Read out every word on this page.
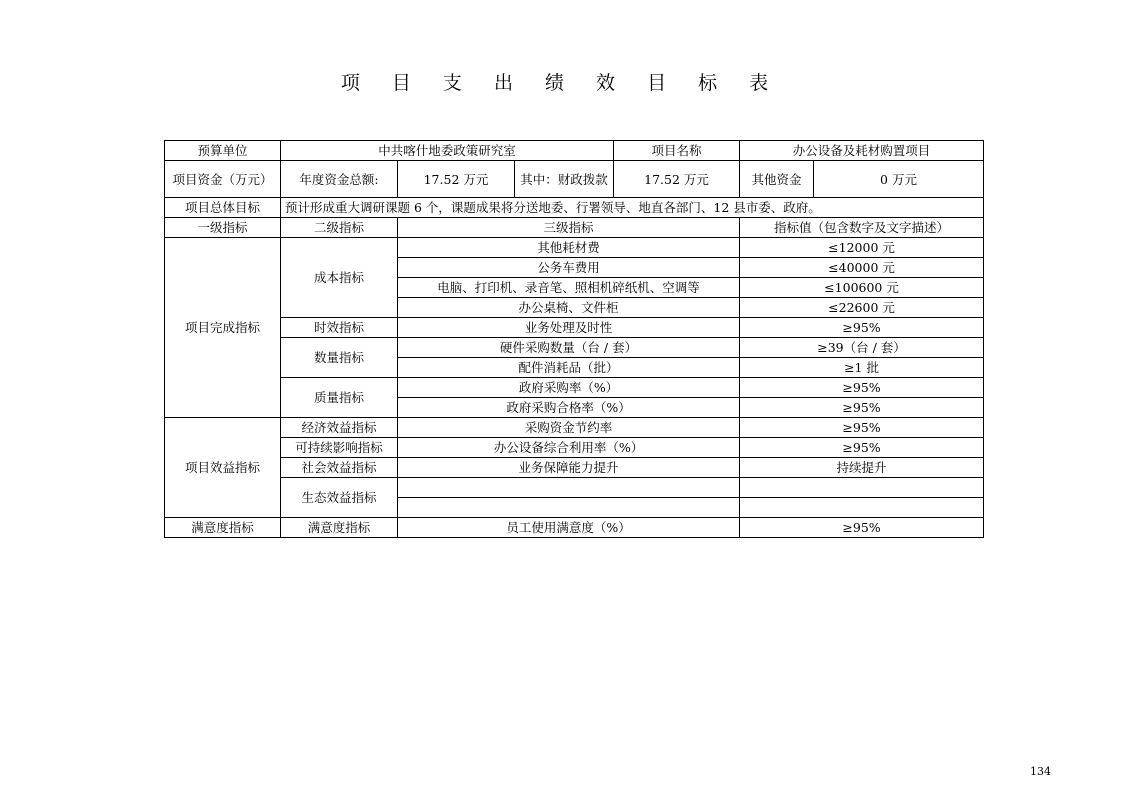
项 目 支 出 绩 效 目 标 表
预算单位	中共喀什地委政策研究室			项目名称	办公设备及耗材购置项目	
项目资金（万元）	年度资金总额:	17.52 万元	其中：财政拨款	17.52 万元	其他资金	0 万元
项目总体目标	预计形成重大调研课题 6 个，课题成果将分送地委、行署领导、地直各部门、12 县市委、政府。					
一级指标	二级指标	三级指标			指标值（包含数字及文字描述）	
项目完成指标	成本指标	其他耗材费			≤12000 元	
		公务车费用			≤40000 元	
		电脑、打印机、录音笔、照相机碎纸机、空调等			≤100600 元	
		办公桌椅、文件柜			≤22600 元	
	时效指标	业务处理及时性			≥95%	
	数量指标	硬件采购数量（台 / 套）			≥39（台 / 套）	
		配件消耗品（批）			≥1 批	
	质量指标	政府采购率（%）			≥95%	
		政府采购合格率（%）			≥95%	
项目效益指标	经济效益指标	采购资金节约率			≥95%	
	可持续影响指标	办公设备综合利用率（%）			≥95%	
	社会效益指标	业务保障能力提升			持续提升	
	生态效益指标					

满意度指标	满意度指标	员工使用满意度（%）			≥95%	
134
